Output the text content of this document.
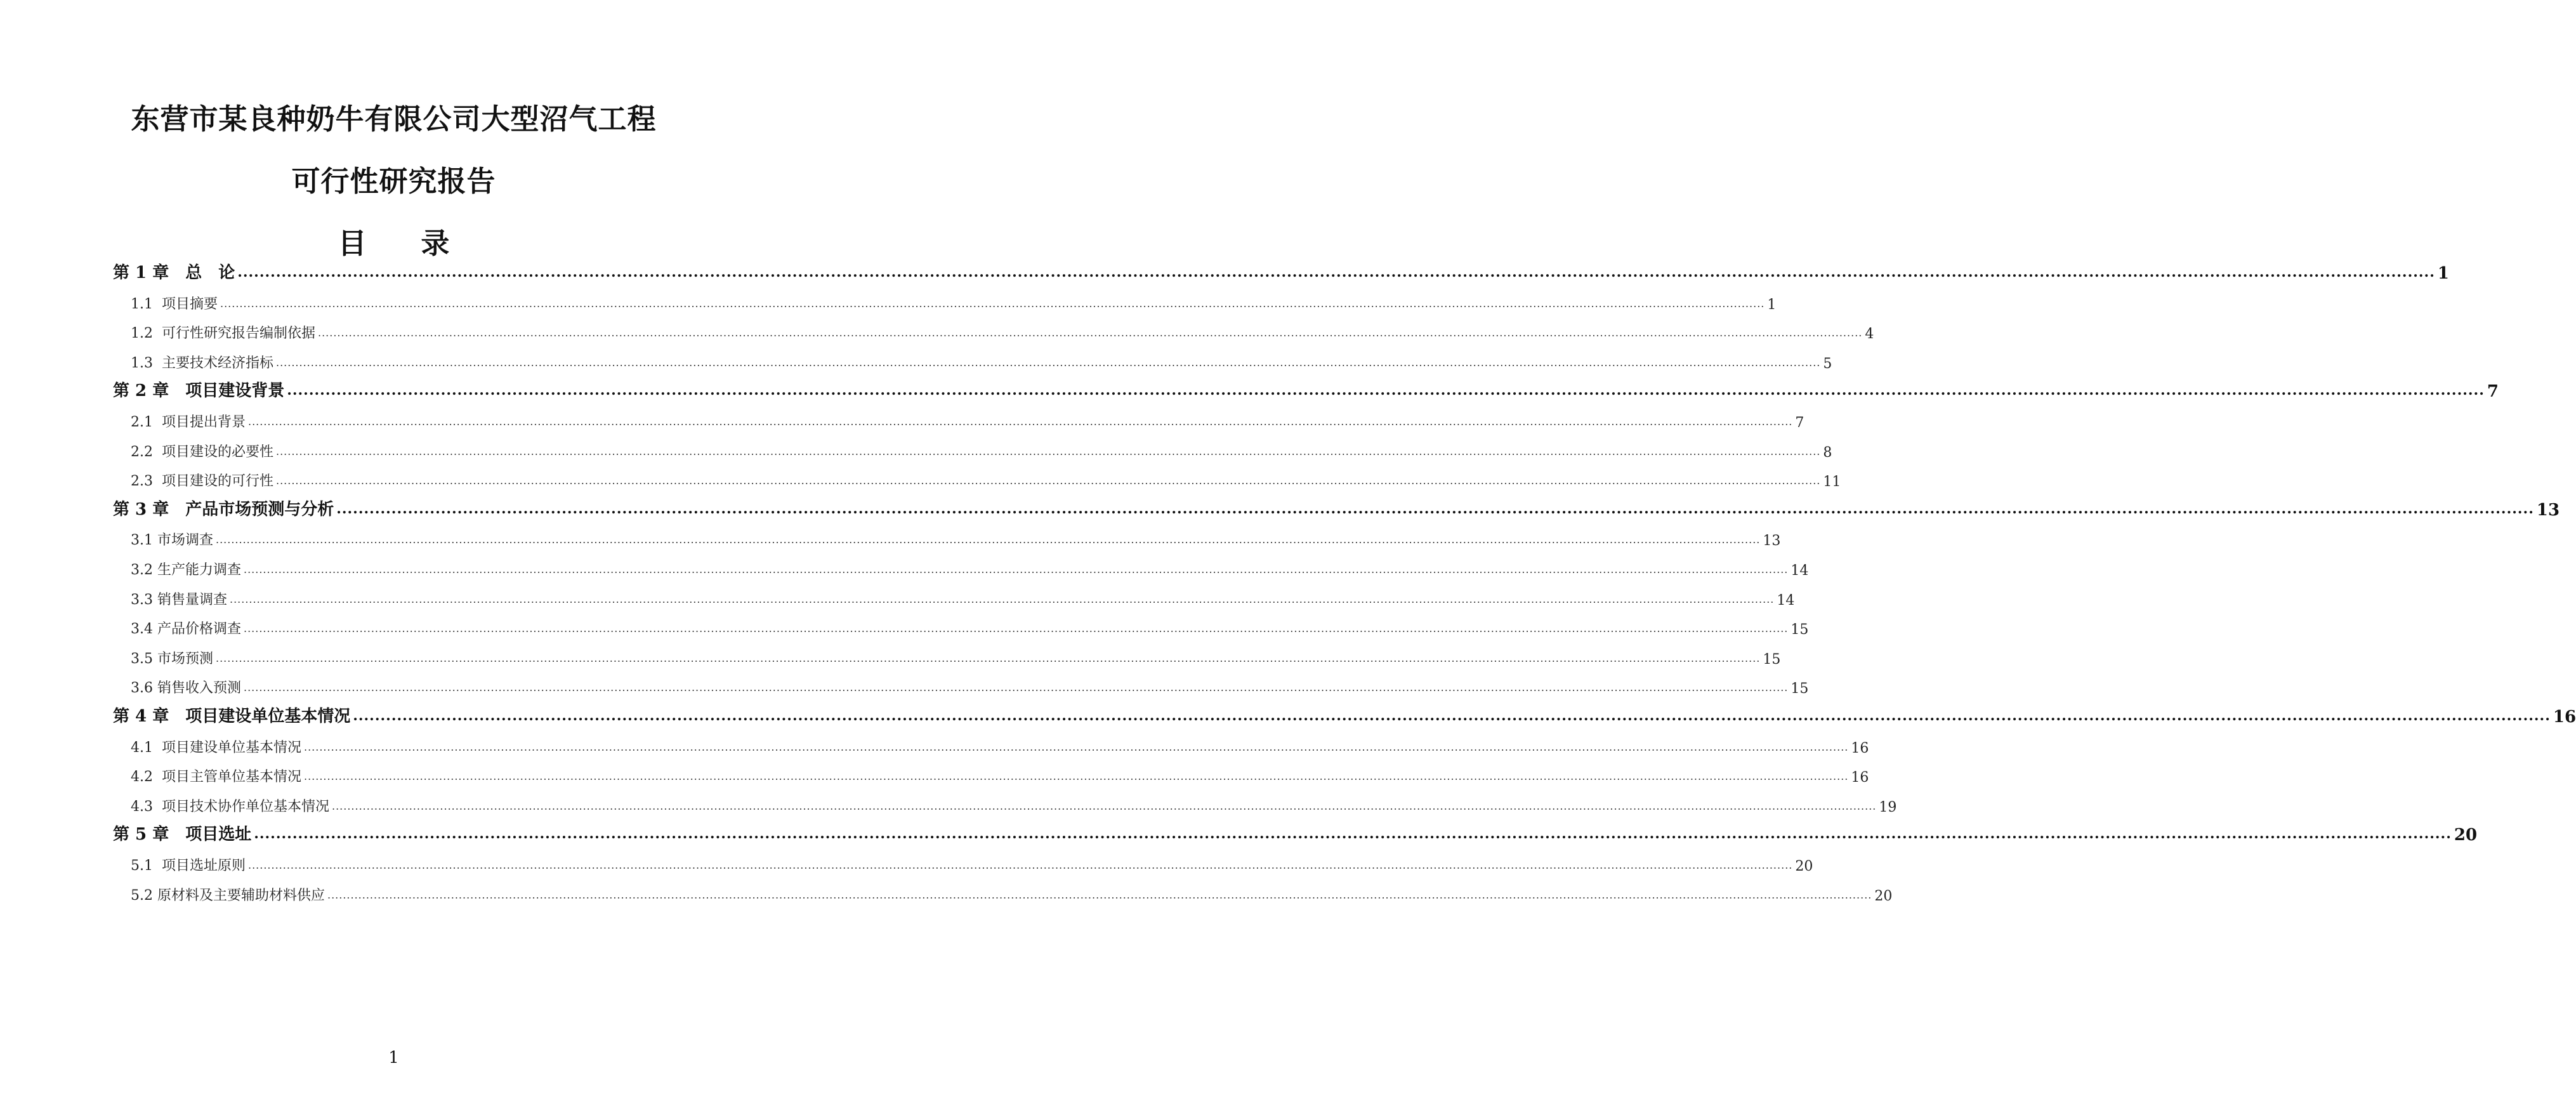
东营市某良种奶牛有限公司大型沼气工程
可行性研究报告
目 录
第 1 章　总　论 ................................................................................................................................................................................................................................................................................................................................................................................................................ 1
1.1  项目摘要 ................................................................................................................................................................................................................................................................................................................................................................................................................ 1
1.2  可行性研究报告编制依据 ................................................................................................................................................................................................................................................................................................................................................................................................................ 4
1.3  主要技术经济指标 ................................................................................................................................................................................................................................................................................................................................................................................................................ 5
第 2 章　项目建设背景 ................................................................................................................................................................................................................................................................................................................................................................................................................ 7
2.1  项目提出背景 ................................................................................................................................................................................................................................................................................................................................................................................................................ 7
2.2  项目建设的必要性 ................................................................................................................................................................................................................................................................................................................................................................................................................ 8
2.3  项目建设的可行性 ................................................................................................................................................................................................................................................................................................................................................................................................................ 11
第 3 章　产品市场预测与分析 ................................................................................................................................................................................................................................................................................................................................................................................................................ 13
3.1 市场调查 ................................................................................................................................................................................................................................................................................................................................................................................................................ 13
3.2 生产能力调查 ................................................................................................................................................................................................................................................................................................................................................................................................................ 14
3.3 销售量调查 ................................................................................................................................................................................................................................................................................................................................................................................................................ 14
3.4 产品价格调查 ................................................................................................................................................................................................................................................................................................................................................................................................................ 15
3.5 市场预测 ................................................................................................................................................................................................................................................................................................................................................................................................................ 15
3.6 销售收入预测 ................................................................................................................................................................................................................................................................................................................................................................................................................ 15
第 4 章　项目建设单位基本情况 ................................................................................................................................................................................................................................................................................................................................................................................................................ 16
4.1  项目建设单位基本情况 ................................................................................................................................................................................................................................................................................................................................................................................................................ 16
4.2  项目主管单位基本情况 ................................................................................................................................................................................................................................................................................................................................................................................................................ 16
4.3  项目技术协作单位基本情况 ................................................................................................................................................................................................................................................................................................................................................................................................................ 19
第 5 章　项目选址 ................................................................................................................................................................................................................................................................................................................................................................................................................ 20
5.1  项目选址原则 ................................................................................................................................................................................................................................................................................................................................................................................................................ 20
5.2 原材料及主要辅助材料供应 ................................................................................................................................................................................................................................................................................................................................................................................................................ 20
1
